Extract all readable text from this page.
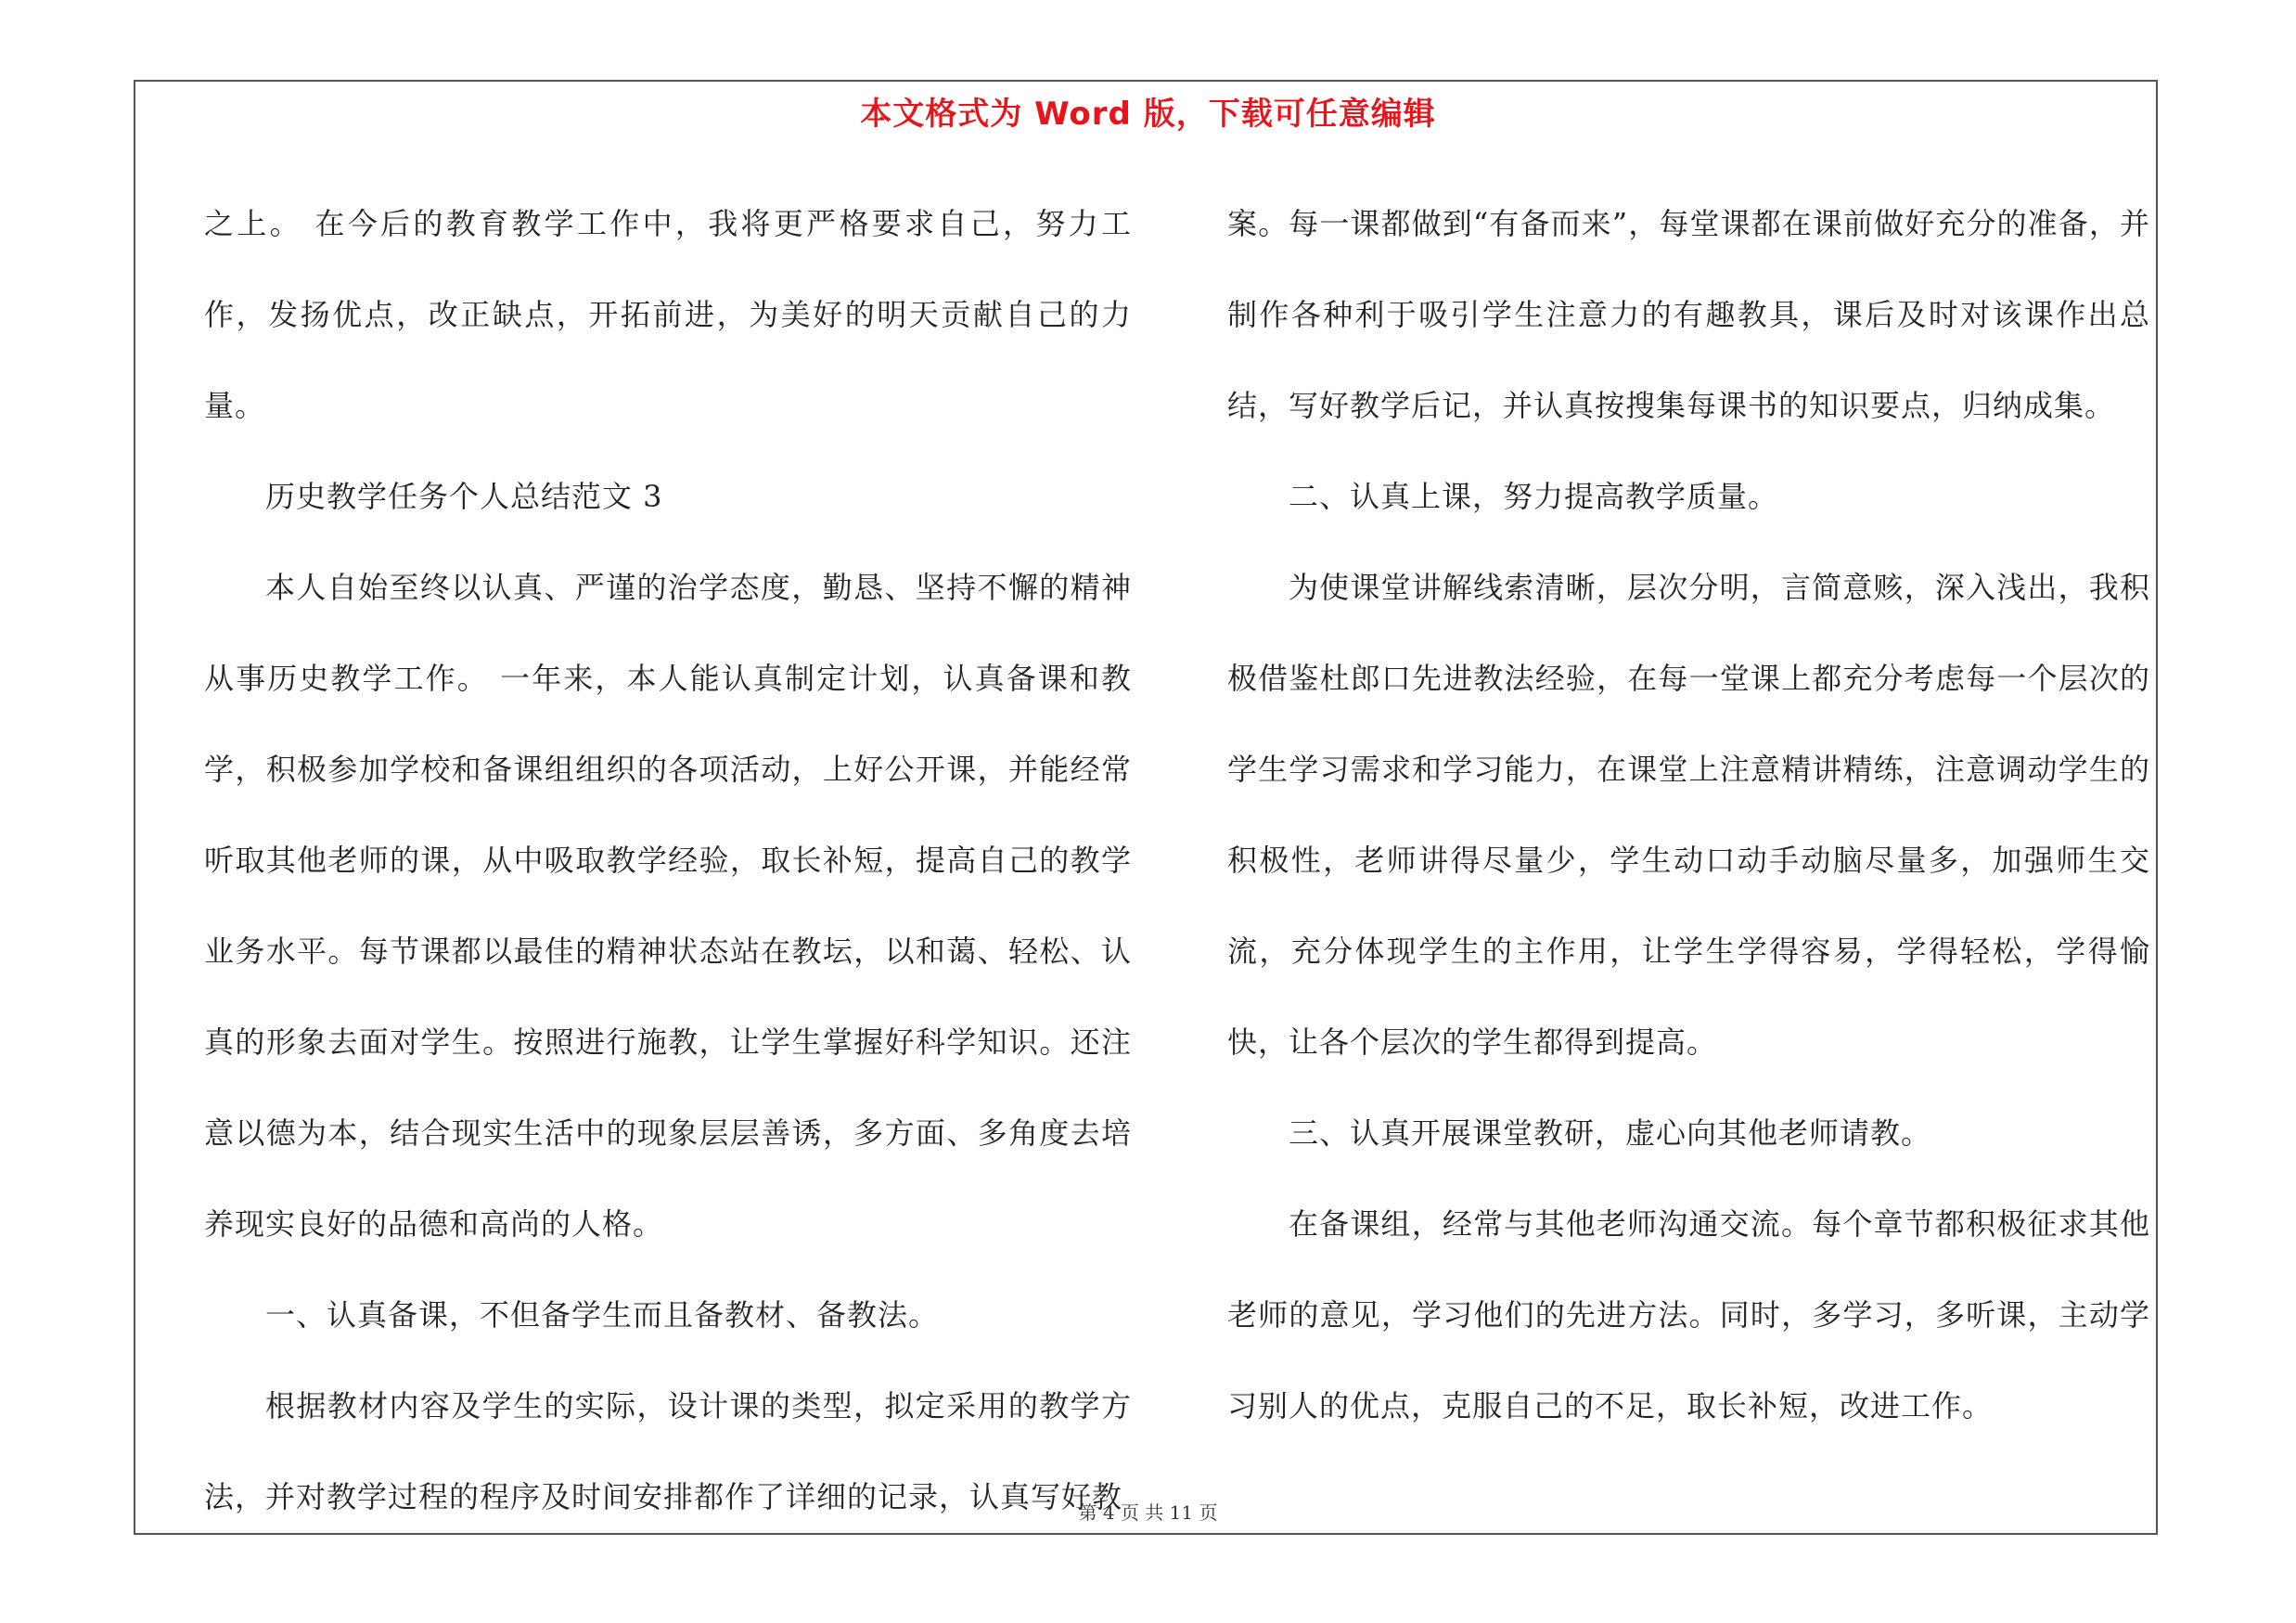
本文格式为 Word 版，下载可任意编辑

之上。 在今后的教育教学工作中，我将更严格要求自己，努力工作，发扬优点，改正缺点，开拓前进，为美好的明天贡献自己的力量。

历史教学任务个人总结范文 3

本人自始至终以认真、严谨的治学态度，勤恳、坚持不懈的精神从事历史教学工作。 一年来，本人能认真制定计划，认真备课和教学，积极参加学校和备课组组织的各项活动，上好公开课，并能经常听取其他老师的课，从中吸取教学经验，取长补短，提高自己的教学业务水平。每节课都以最佳的精神状态站在教坛，以和蔼、轻松、认真的形象去面对学生。按照进行施教，让学生掌握好科学知识。还注意以德为本，结合现实生活中的现象层层善诱，多方面、多角度去培养现实良好的品德和高尚的人格。

一、认真备课，不但备学生而且备教材、备教法。

根据教材内容及学生的实际，设计课的类型，拟定采用的教学方法，并对教学过程的程序及时间安排都作了详细的记录，认真写好教

案。每一课都做到“有备而来”，每堂课都在课前做好充分的准备，并制作各种利于吸引学生注意力的有趣教具，课后及时对该课作出总结，写好教学后记，并认真按搜集每课书的知识要点，归纳成集。

二、认真上课，努力提高教学质量。

为使课堂讲解线索清晰，层次分明，言简意赅，深入浅出，我积极借鉴杜郎口先进教法经验，在每一堂课上都充分考虑每一个层次的学生学习需求和学习能力，在课堂上注意精讲精练，注意调动学生的积极性，老师讲得尽量少，学生动口动手动脑尽量多，加强师生交流，充分体现学生的主作用，让学生学得容易，学得轻松，学得愉快，让各个层次的学生都得到提高。

三、认真开展课堂教研，虚心向其他老师请教。

在备课组，经常与其他老师沟通交流。每个章节都积极征求其他老师的意见，学习他们的先进方法。同时，多学习，多听课，主动学习别人的优点，克服自己的不足，取长补短，改进工作。

第 4 页 共 11 页
